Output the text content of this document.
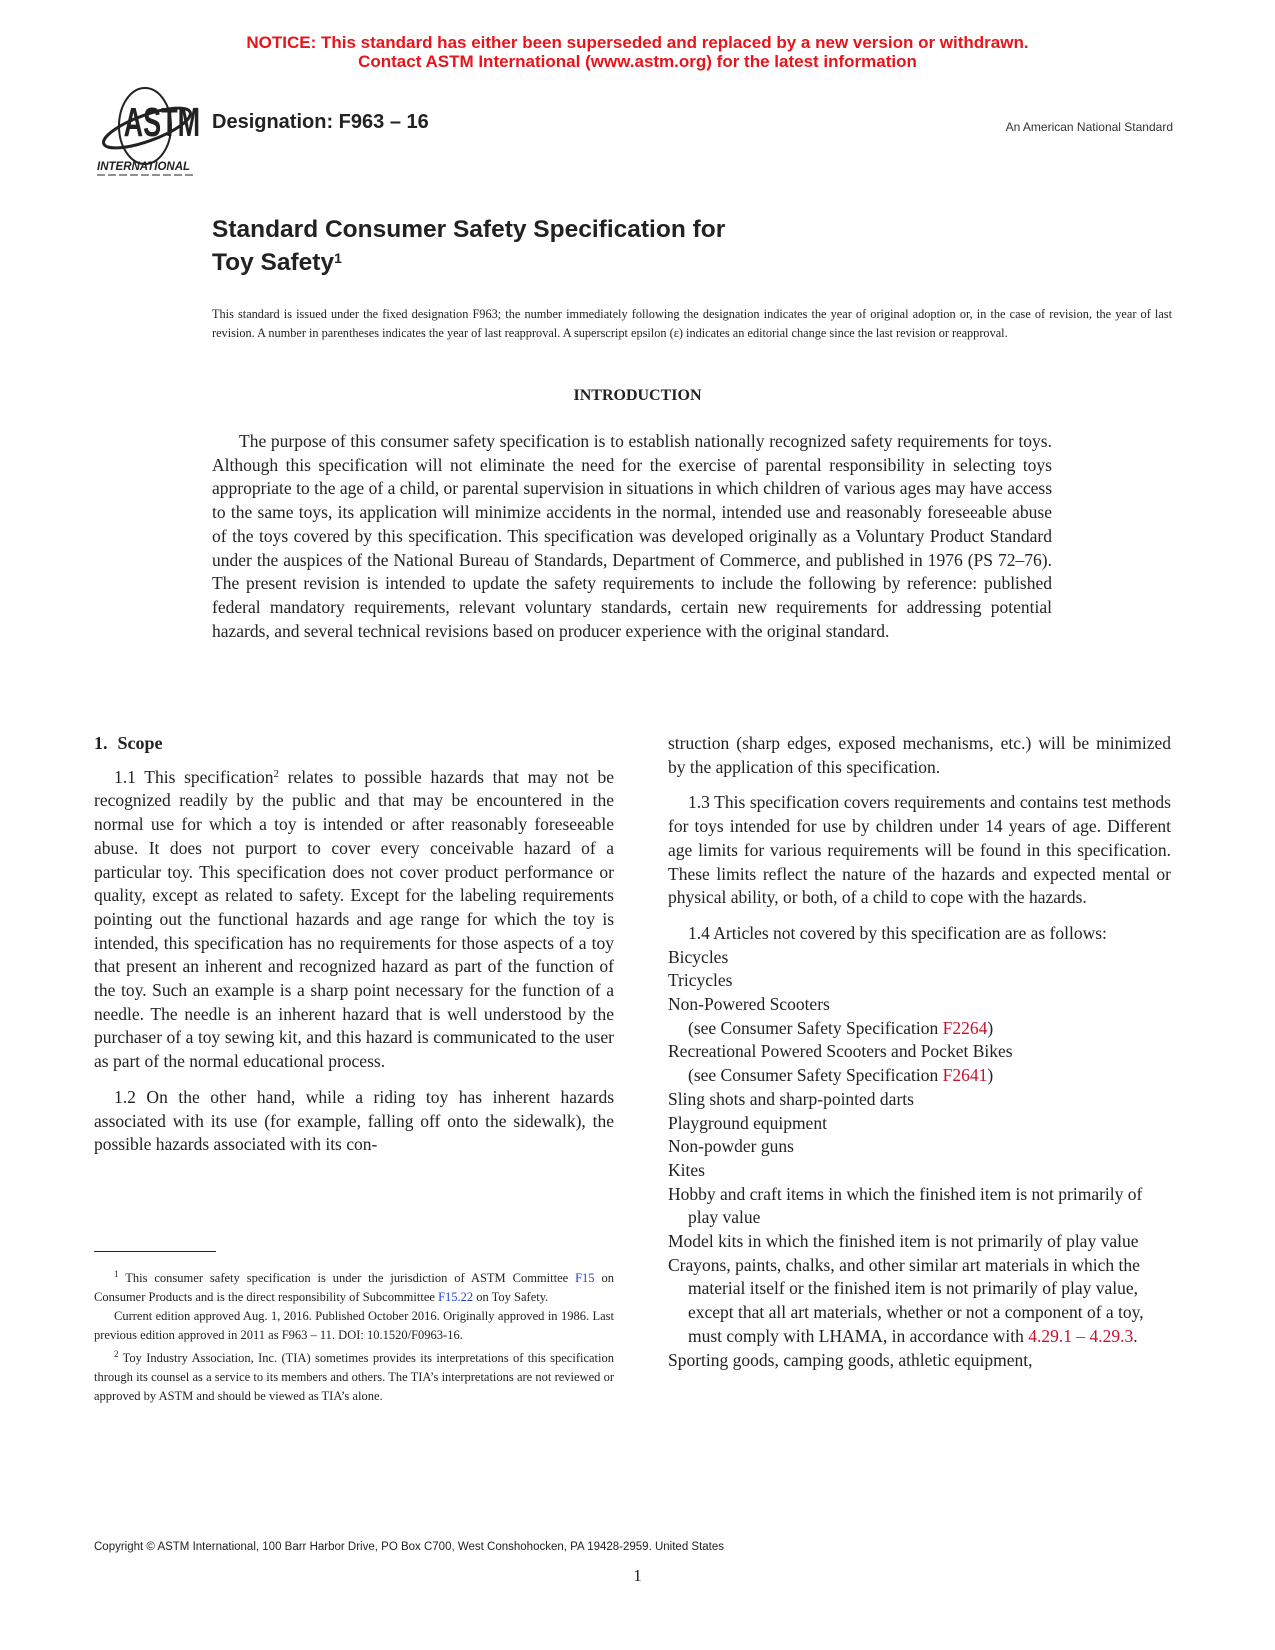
NOTICE: This standard has either been superseded and replaced by a new version or withdrawn.
Contact ASTM International (www.astm.org) for the latest information
ASTM
INTERNATIONAL
Designation: F963 – 16	An American National Standard
Standard Consumer Safety Specification for
Toy Safety$^1$
This standard is issued under the fixed designation F963; the number immediately following the designation indicates the year of original adoption or, in the case of revision, the year of last revision. A number in parentheses indicates the year of last reapproval. A superscript epsilon (ε) indicates an editorial change since the last revision or reapproval.
INTRODUCTION

The purpose of this consumer safety specification is to establish nationally recognized safety requirements for toys. Although this specification will not eliminate the need for the exercise of parental responsibility in selecting toys appropriate to the age of a child, or parental supervision in situations in which children of various ages may have access to the same toys, its application will minimize accidents in the normal, intended use and reasonably foreseeable abuse of the toys covered by this specification. This specification was developed originally as a Voluntary Product Standard under the auspices of the National Bureau of Standards, Department of Commerce, and published in 1976 (PS 72–76). The present revision is intended to update the safety requirements to include the following by reference: published federal mandatory requirements, relevant voluntary standards, certain new requirements for addressing potential hazards, and several technical revisions based on producer experience with the original standard.

1. Scope

1.1 This specification$^2$ relates to possible hazards that may not be recognized readily by the public and that may be encountered in the normal use for which a toy is intended or after reasonably foreseeable abuse. It does not purport to cover every conceivable hazard of a particular toy. This specification does not cover product performance or quality, except as related to safety. Except for the labeling requirements pointing out the functional hazards and age range for which the toy is intended, this specification has no requirements for those aspects of a toy that present an inherent and recognized hazard as part of the function of the toy. Such an example is a sharp point necessary for the function of a needle. The needle is an inherent hazard that is well understood by the purchaser of a toy sewing kit, and this hazard is communicated to the user as part of the normal educational process.

1.2 On the other hand, while a riding toy has inherent hazards associated with its use (for example, falling off onto the sidewalk), the possible hazards associated with its con-

$^1$ This consumer safety specification is under the jurisdiction of ASTM Committee F15 on Consumer Products and is the direct responsibility of Subcommittee F15.22 on Toy Safety.

Current edition approved Aug. 1, 2016. Published October 2016. Originally approved in 1986. Last previous edition approved in 2011 as F963 – 11. DOI: 10.1520/F0963-16.

$^2$ Toy Industry Association, Inc. (TIA) sometimes provides its interpretations of this specification through its counsel as a service to its members and others. The TIA’s interpretations are not reviewed or approved by ASTM and should be viewed as TIA’s alone.

struction (sharp edges, exposed mechanisms, etc.) will be minimized by the application of this specification.

1.3 This specification covers requirements and contains test methods for toys intended for use by children under 14 years of age. Different age limits for various requirements will be found in this specification. These limits reflect the nature of the hazards and expected mental or physical ability, or both, of a child to cope with the hazards.

1.4 Articles not covered by this specification are as follows:

Bicycles
Tricycles
Non-Powered Scooters
(see Consumer Safety Specification F2264)
Recreational Powered Scooters and Pocket Bikes
(see Consumer Safety Specification F2641)
Sling shots and sharp-pointed darts
Playground equipment
Non-powder guns
Kites
Hobby and craft items in which the finished item is not primarily of play value
Model kits in which the finished item is not primarily of play value
Crayons, paints, chalks, and other similar art materials in which the material itself or the finished item is not primarily of play value, except that all art materials, whether or not a component of a toy, must comply with LHAMA, in accordance with 4.29.1 – 4.29.3.
Sporting goods, camping goods, athletic equipment,
Copyright © ASTM International, 100 Barr Harbor Drive, PO Box C700, West Conshohocken, PA 19428-2959. United States
1
